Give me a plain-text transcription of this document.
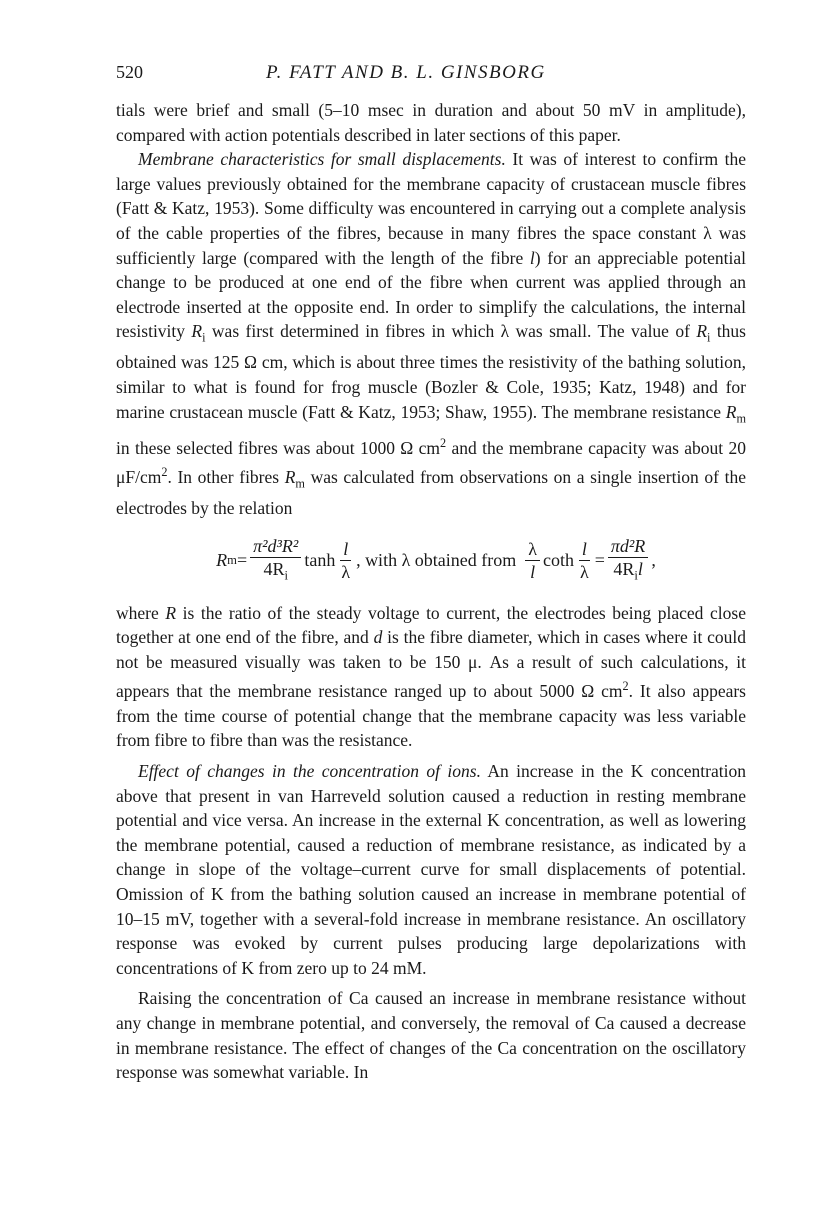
520	P. FATT AND B. L. GINSBORG

tials were brief and small (5–10 msec in duration and about 50 mV in amplitude), compared with action potentials described in later sections of this paper.

Membrane characteristics for small displacements. It was of interest to confirm the large values previously obtained for the membrane capacity of crustacean muscle fibres (Fatt & Katz, 1953). Some difficulty was encountered in carrying out a complete analysis of the cable properties of the fibres, because in many fibres the space constant λ was sufficiently large (compared with the length of the fibre l) for an appreciable potential change to be produced at one end of the fibre when current was applied through an electrode inserted at the opposite end. In order to simplify the calculations, the internal resistivity $R_i$ was first determined in fibres in which λ was small. The value of $R_i$ thus obtained was 125 Ω cm, which is about three times the resistivity of the bathing solution, similar to what is found for frog muscle (Bozler & Cole, 1935; Katz, 1948) and for marine crustacean muscle (Fatt & Katz, 1953; Shaw, 1955). The membrane resistance $R_m$ in these selected fibres was about 1000 Ω $cm^2$ and the membrane capacity was about 20 $\mu F/cm^2$. In other fibres $R_m$ was calculated from observations on a single insertion of the electrodes by the relation

R $m = \frac{\text{π²d³R²}}{4R_i}$ $\tanh \frac{l}{\lambda}$ , with λ obtained from $\frac{\lambda}{l}$ coth $\frac{l}{\lambda} = \frac{\text{πd²R}}{4R_il}$ ,

where R is the ratio of the steady voltage to current, the electrodes being placed close together at one end of the fibre, and d is the fibre diameter, which in cases where it could not be measured visually was taken to be 150 μ. As a result of such calculations, it appears that the membrane resistance ranged up to about 5000 Ω $cm^2$. It also appears from the time course of potential change that the membrane capacity was less variable from fibre to fibre than was the resistance.

Effect of changes in the concentration of ions. An increase in the K concentration above that present in van Harreveld solution caused a reduction in resting membrane potential and vice versa. An increase in the external K concentration, as well as lowering the membrane potential, caused a reduction of membrane resistance, as indicated by a change in slope of the voltage–current curve for small displacements of potential. Omission of K from the bathing solution caused an increase in membrane potential of 10–15 mV, together with a several-fold increase in membrane resistance. An oscillatory response was evoked by current pulses producing large depolarizations with concentrations of K from zero up to 24 mM.

Raising the concentration of Ca caused an increase in membrane resistance without any change in membrane potential, and conversely, the removal of Ca caused a decrease in membrane resistance. The effect of changes of the Ca concentration on the oscillatory response was somewhat variable. In
